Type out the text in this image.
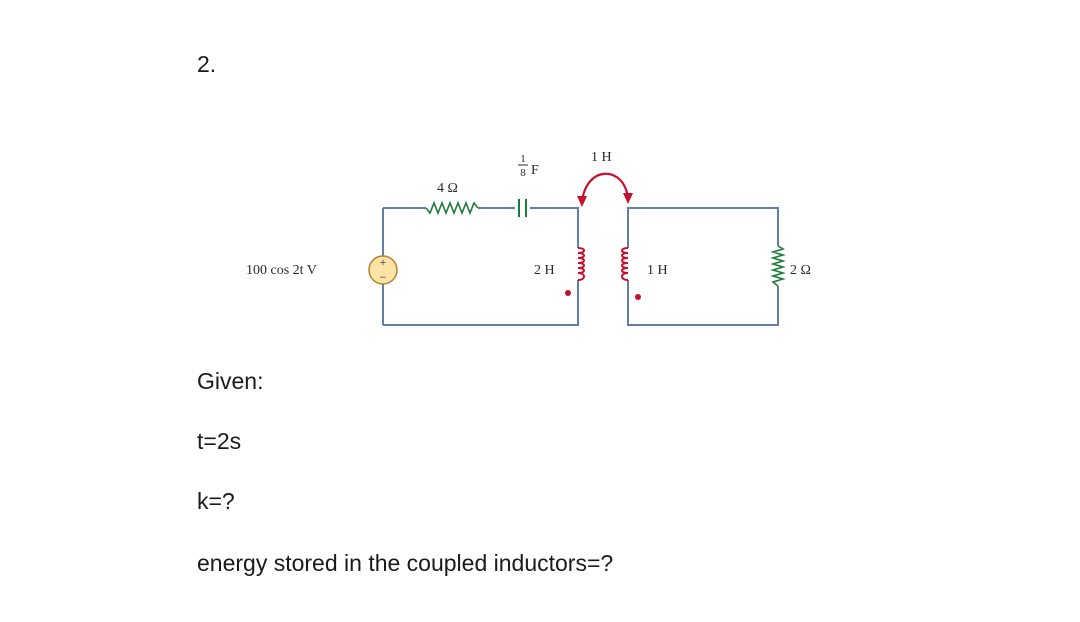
2.
+
−
100 cos 2t V
4 Ω
1
8 F
1 H
2 H	1 H	2 Ω
Given:
t=2s
k=?
energy stored in the coupled inductors=?
